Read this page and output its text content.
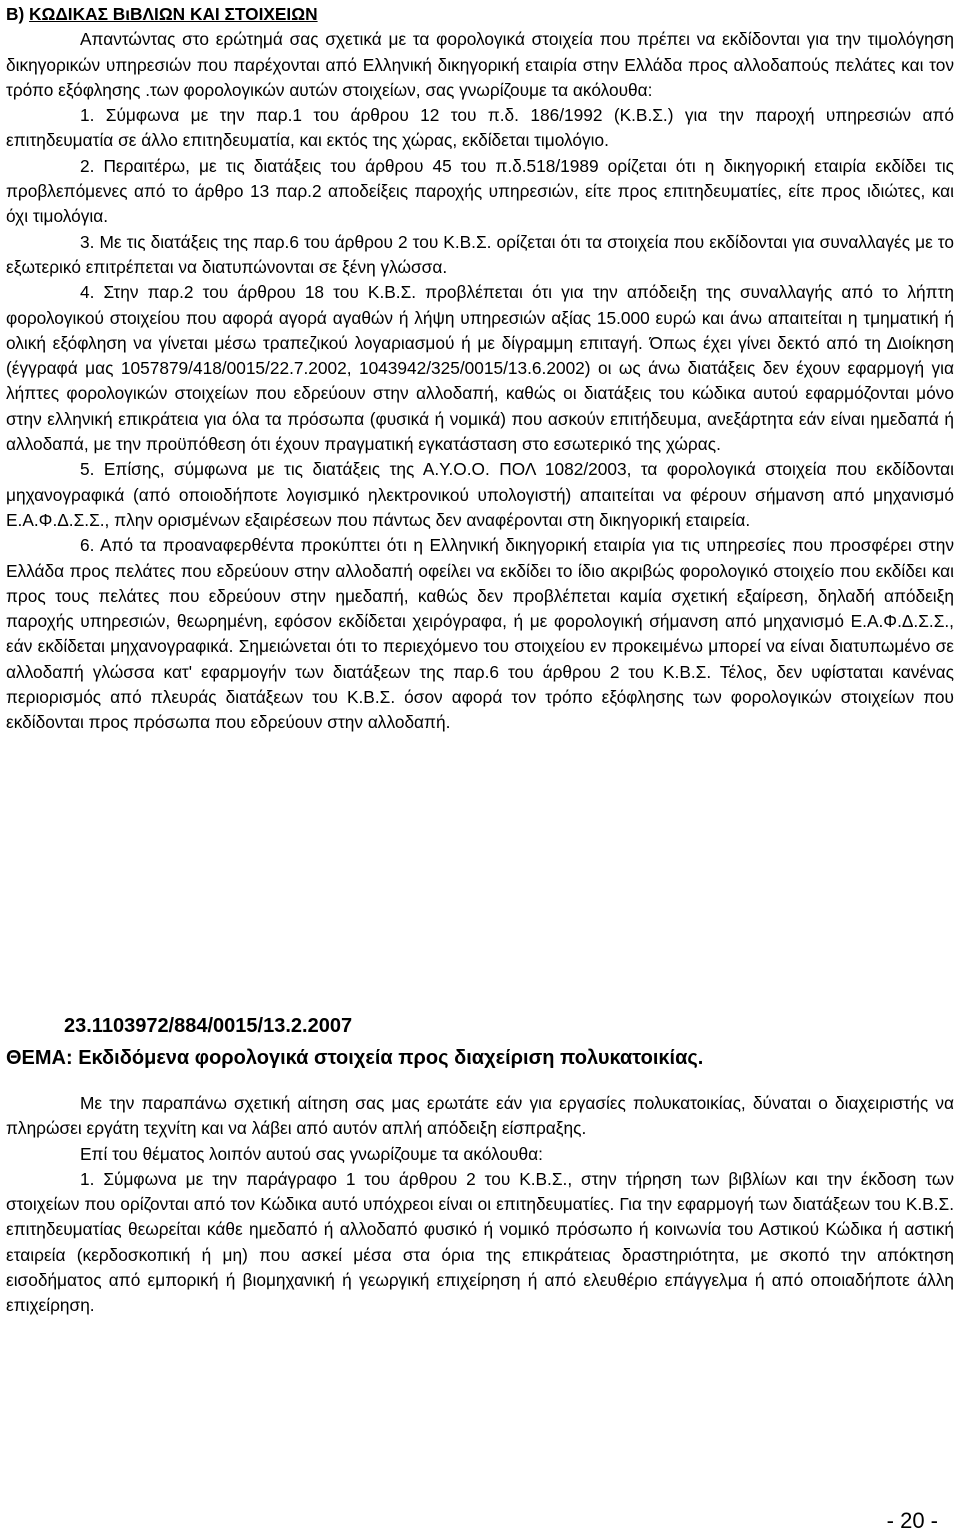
Β) ΚΩΔΙΚΑΣ ΒιΒΛΙΩΝ ΚΑΙ ΣΤΟΙΧΕΙΩΝ

Απαντώντας στο ερώτημά σας σχετικά με τα φορολογικά στοιχεία που πρέπει να εκδίδονται για την τιμολόγηση δικηγορικών υπηρεσιών που παρέχονται από Ελληνική δικηγορική εταιρία στην Ελλάδα προς αλλοδαπούς πελάτες και τον τρόπο εξόφλησης .των φορολογικών αυτών στοιχείων, σας γνωρίζουμε τα ακόλουθα:

1. Σύμφωνα με την παρ.1 του άρθρου 12 του π.δ. 186/1992 (Κ.Β.Σ.) για την παροχή υπηρεσιών από επιτηδευματία σε άλλο επιτηδευματία, και εκτός της χώρας, εκδίδεται τιμολόγιο.

2. Περαιτέρω, με τις διατάξεις του άρθρου 45 του π.δ.518/1989 ορίζεται ότι η δικηγορική εταιρία εκδίδει τις προβλεπόμενες από το άρθρο 13 παρ.2 αποδείξεις παροχής υπηρεσιών, είτε προς επιτηδευματίες, είτε προς ιδιώτες, και όχι τιμολόγια.

3. Με τις διατάξεις της παρ.6 του άρθρου 2 του Κ.Β.Σ. ορίζεται ότι τα στοιχεία που εκδίδονται για συναλλαγές με το εξωτερικό επιτρέπεται να διατυπώνονται σε ξένη γλώσσα.

4. Στην παρ.2 του άρθρου 18 του Κ.Β.Σ. προβλέπεται ότι για την απόδειξη της συναλλαγής από το λήπτη φορολογικού στοιχείου που αφορά αγορά αγαθών ή λήψη υπηρεσιών αξίας 15.000 ευρώ και άνω απαιτείται η τμηματική ή ολική εξόφληση να γίνεται μέσω τραπεζικού λογαριασμού ή με δίγραμμη επιταγή. Όπως έχει γίνει δεκτό από τη Διοίκηση (έγγραφά μας 1057879/418/0015/22.7.2002, 1043942/325/0015/13.6.2002) οι ως άνω διατάξεις δεν έχουν εφαρμογή για λήπτες φορολογικών στοιχείων που εδρεύουν στην αλλοδαπή, καθώς οι διατάξεις του κώδικα αυτού εφαρμόζονται μόνο στην ελληνική επικράτεια για όλα τα πρόσωπα (φυσικά ή νομικά) που ασκούν επιτήδευμα, ανεξάρτητα εάν είναι ημεδαπά ή αλλοδαπά, με την προϋπόθεση ότι έχουν πραγματική εγκατάσταση στο εσωτερικό της χώρας.

5. Επίσης, σύμφωνα με τις διατάξεις της Α.Υ.Ο.Ο. ΠΟΛ 1082/2003, τα φορολογικά στοιχεία που εκδίδονται μηχανογραφικά (από οποιοδήποτε λογισμικό ηλεκτρονικού υπολογιστή) απαιτείται να φέρουν σήμανση από μηχανισμό Ε.Α.Φ.Δ.Σ.Σ., πλην ορισμένων εξαιρέσεων που πάντως δεν αναφέρονται στη δικηγορική εταιρεία.

6. Από τα προαναφερθέντα προκύπτει ότι η Ελληνική δικηγορική εταιρία για τις υπηρεσίες που προσφέρει στην Ελλάδα προς πελάτες που εδρεύουν στην αλλοδαπή οφείλει να εκδίδει το ίδιο ακριβώς φορολογικό στοιχείο που εκδίδει και προς τους πελάτες που εδρεύουν στην ημεδαπή, καθώς δεν προβλέπεται καμία σχετική εξαίρεση, δηλαδή απόδειξη παροχής υπηρεσιών, θεωρημένη, εφόσον εκδίδεται χειρόγραφα, ή με φορολογική σήμανση από μηχανισμό Ε.Α.Φ.Δ.Σ.Σ., εάν εκδίδεται μηχανογραφικά. Σημειώνεται ότι το περιεχόμενο του στοιχείου εν προκειμένω μπορεί να είναι διατυπωμένο σε αλλοδαπή γλώσσα κατ' εφαρμογήν των διατάξεων της παρ.6 του άρθρου 2 του Κ.Β.Σ. Τέλος, δεν υφίσταται κανένας περιορισμός από πλευράς διατάξεων του Κ.Β.Σ. όσον αφορά τον τρόπο εξόφλησης των φορολογικών στοιχείων που εκδίδονται προς πρόσωπα που εδρεύουν στην αλλοδαπή.

23.1103972/884/0015/13.2.2007
ΘΕΜΑ: Εκδιδόμενα φορολογικά στοιχεία προς διαχείριση πολυκατοικίας.

Με την παραπάνω σχετική αίτηση σας μας ερωτάτε εάν για εργασίες πολυκατοικίας, δύναται ο διαχειριστής να πληρώσει εργάτη τεχνίτη και να λάβει από αυτόν απλή απόδειξη είσπραξης.

Επί του θέματος λοιπόν αυτού σας γνωρίζουμε τα ακόλουθα:

1. Σύμφωνα με την παράγραφο 1 του άρθρου 2 του Κ.Β.Σ., στην τήρηση των βιβλίων και την έκδοση των στοιχείων που ορίζονται από τον Κώδικα αυτό υπόχρεοι είναι οι επιτηδευματίες. Για την εφαρμογή των διατάξεων του Κ.Β.Σ. επιτηδευματίας θεωρείται κάθε ημεδαπό ή αλλοδαπό φυσικό ή νομικό πρόσωπο ή κοινωνία του Αστικού Κώδικα ή αστική εταιρεία (κερδοσκοπική ή μη) που ασκεί μέσα στα όρια της επικράτειας δραστηριότητα, με σκοπό την απόκτηση εισοδήματος από εμπορική ή βιομηχανική ή γεωργική επιχείρηση ή από ελευθέριο επάγγελμα ή από οποιαδήποτε άλλη επιχείρηση.

- 20 -
